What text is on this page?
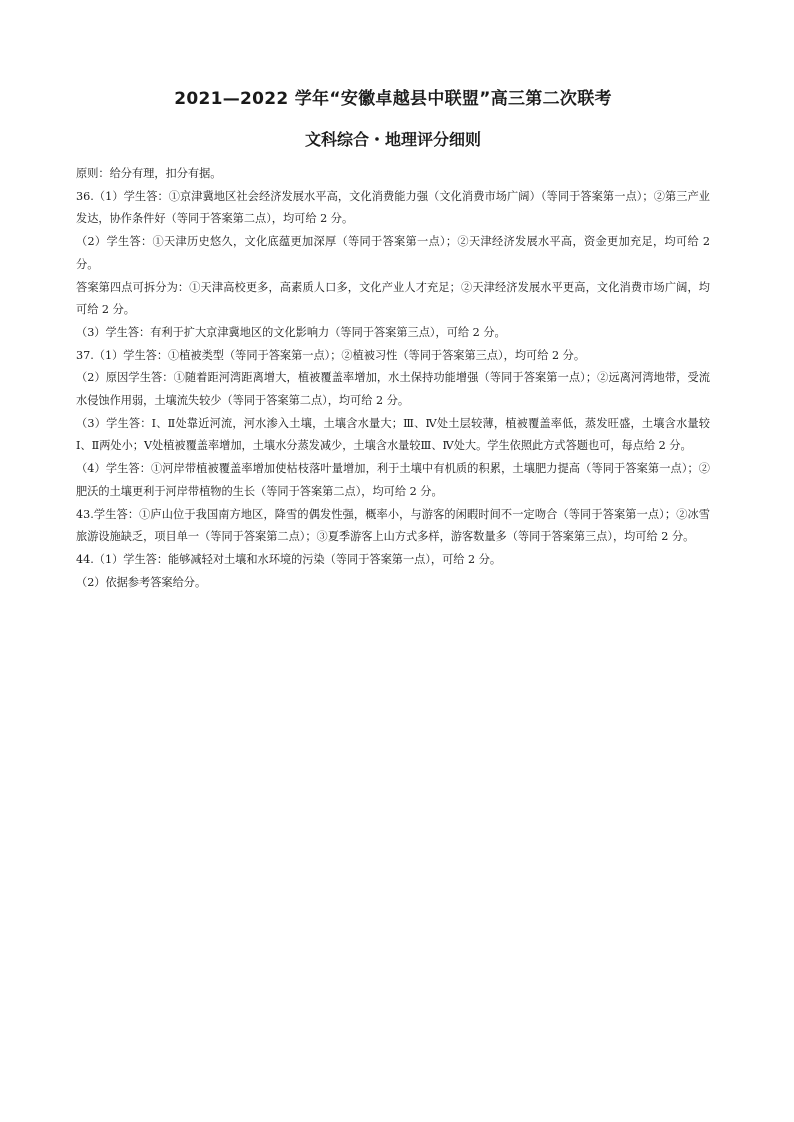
2021—2022 学年“安徽卓越县中联盟”高三第二次联考
文科综合・地理评分细则

原则：给分有理，扣分有据。

36.（1）学生答：①京津冀地区社会经济发展水平高，文化消费能力强（文化消费市场广阔）（等同于答案第一点）；②第三产业发达，协作条件好（等同于答案第二点），均可给 2 分。

（2）学生答：①天津历史悠久，文化底蕴更加深厚（等同于答案第一点）；②天津经济发展水平高，资金更加充足，均可给 2 分。

答案第四点可拆分为：①天津高校更多，高素质人口多，文化产业人才充足；②天津经济发展水平更高，文化消费市场广阔，均可给 2 分。

（3）学生答：有利于扩大京津冀地区的文化影响力（等同于答案第三点），可给 2 分。

37.（1）学生答：①植被类型（等同于答案第一点）；②植被习性（等同于答案第三点），均可给 2 分。

（2）原因学生答：①随着距河湾距离增大，植被覆盖率增加，水土保持功能增强（等同于答案第一点）；②远离河湾地带，受流水侵蚀作用弱，土壤流失较少（等同于答案第二点），均可给 2 分。

（3）学生答：Ⅰ、Ⅱ处靠近河流，河水渗入土壤，土壤含水量大；Ⅲ、Ⅳ处土层较薄，植被覆盖率低，蒸发旺盛，土壤含水量较Ⅰ、Ⅱ两处小；Ⅴ处植被覆盖率增加，土壤水分蒸发减少，土壤含水量较Ⅲ、Ⅳ处大。学生依照此方式答题也可，每点给 2 分。

（4）学生答：①河岸带植被覆盖率增加使枯枝落叶量增加，利于土壤中有机质的积累，土壤肥力提高（等同于答案第一点）；②肥沃的土壤更利于河岸带植物的生长（等同于答案第二点），均可给 2 分。

43.学生答：①庐山位于我国南方地区，降雪的偶发性强，概率小，与游客的闲暇时间不一定吻合（等同于答案第一点）；②冰雪旅游设施缺乏，项目单一（等同于答案第二点）；③夏季游客上山方式多样，游客数量多（等同于答案第三点），均可给 2 分。

44.（1）学生答：能够减轻对土壤和水环境的污染（等同于答案第一点），可给 2 分。

（2）依据参考答案给分。
